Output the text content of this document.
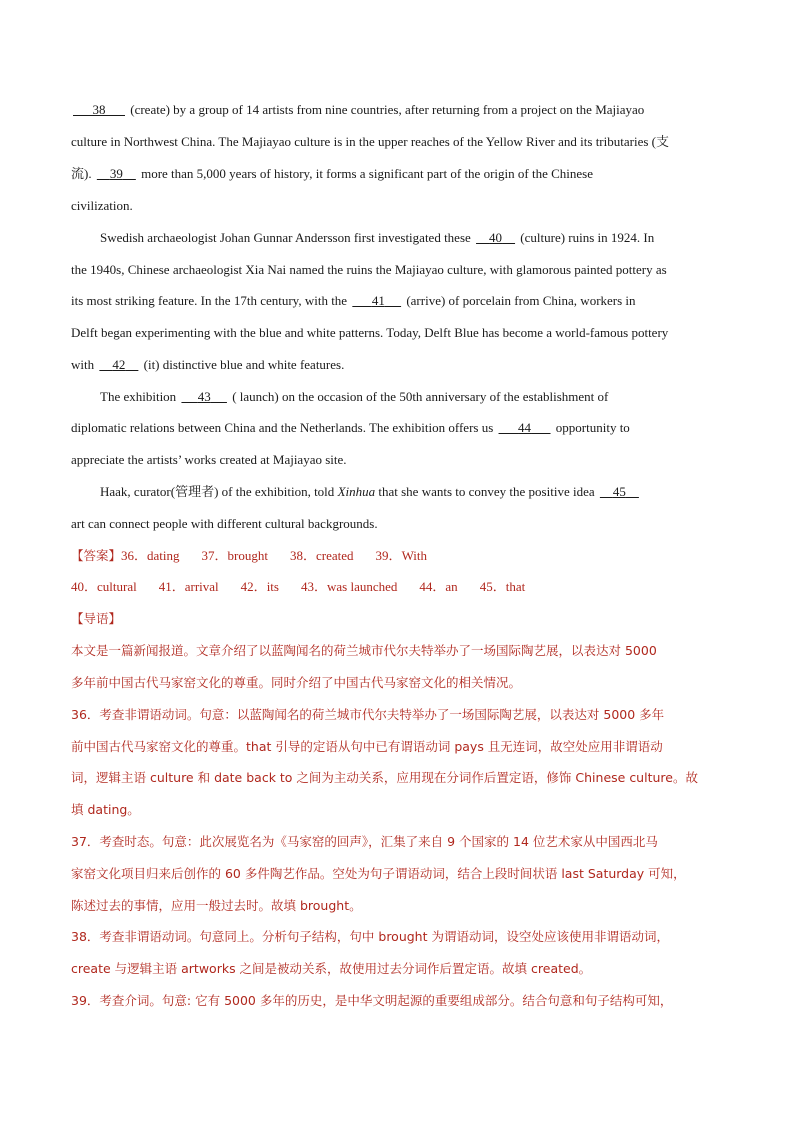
38 (create) by a group of 14 artists from nine countries, after returning from a project on the Majiayao
culture in Northwest China. The Majiayao culture is in the upper reaches of the Yellow River and its tributaries (支
流). 39 more than 5,000 years of history, it forms a significant part of the origin of the Chinese
civilization.
Swedish archaeologist Johan Gunnar Andersson first investigated these 40 (culture) ruins in 1924. In
the 1940s, Chinese archaeologist Xia Nai named the ruins the Majiayao culture, with glamorous painted pottery as
its most striking feature. In the 17th century, with the 41 (arrive) of porcelain from China, workers in
Delft began experimenting with the blue and white patterns. Today, Delft Blue has become a world-famous pottery
with 42 (it) distinctive blue and white features.
The exhibition 43 ( launch) on the occasion of the 50th anniversary of the establishment of
diplomatic relations between China and the Netherlands. The exhibition offers us 44 opportunity to
appreciate the artists’ works created at Majiayao site.
Haak, curator(管理者) of the exhibition, told Xinhua that she wants to convey the positive idea 45
art can connect people with different cultural backgrounds.
【答案】36．dating 37．brought 38．created 39．With
40．cultural 41．arrival 42．its 43．was launched 44．an 45．that
【导语】
本文是一篇新闻报道。文章介绍了以蓝陶闻名的荷兰城市代尔夫特举办了一场国际陶艺展，以表达对 5000
多年前中国古代马家窑文化的尊重。同时介绍了中国古代马家窑文化的相关情况。
36．考查非谓语动词。句意：以蓝陶闻名的荷兰城市代尔夫特举办了一场国际陶艺展，以表达对 5000 多年
前中国古代马家窑文化的尊重。that 引导的定语从句中已有谓语动词 pays 且无连词，故空处应用非谓语动
词，逻辑主语 culture 和 date back to 之间为主动关系，应用现在分词作后置定语，修饰 Chinese culture。故
填 dating。
37．考查时态。句意：此次展览名为《马家窑的回声》，汇集了来自 9 个国家的 14 位艺术家从中国西北马
家窑文化项目归来后创作的 60 多件陶艺作品。空处为句子谓语动词，结合上段时间状语 last Saturday 可知，
陈述过去的事情，应用一般过去时。故填 brought。
38．考查非谓语动词。句意同上。分析句子结构，句中 brought 为谓语动词，设空处应该使用非谓语动词，
create 与逻辑主语 artworks 之间是被动关系，故使用过去分词作后置定语。故填 created。
39．考查介词。句意: 它有 5000 多年的历史，是中华文明起源的重要组成部分。结合句意和句子结构可知，
